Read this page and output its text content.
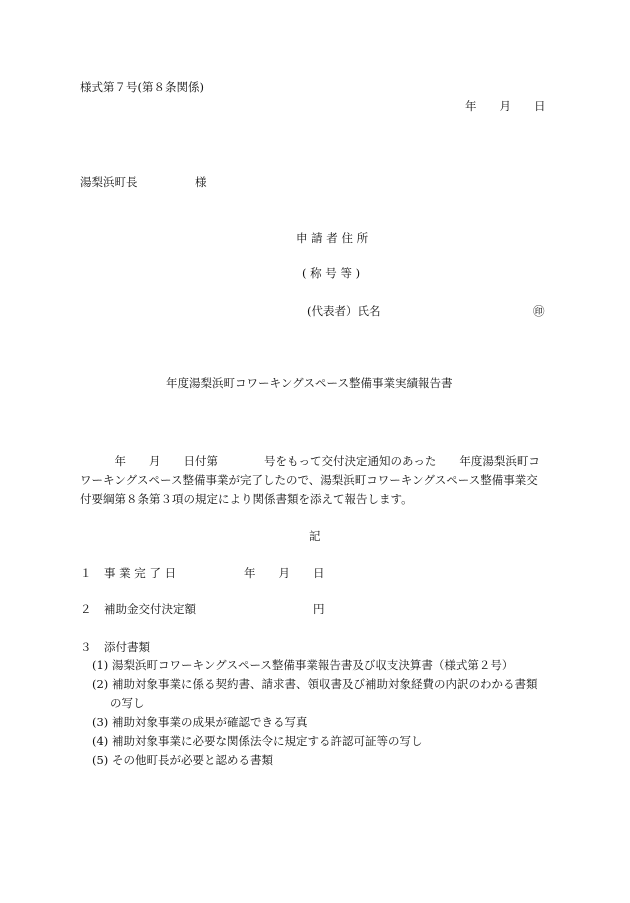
様式第７号(第８条関係)
年　　月　　日
湯梨浜町長　　　　　様
申 請 者 住 所
( 称 号 等 )
(代表者）氏名	㊞
年度湯梨浜町コワーキングスペース整備事業実績報告書
　　　年　　月　　日付第　　　　号をもって交付決定通知のあった　　年度湯梨浜町コ
ワーキングスペース整備事業が完了したので、湯梨浜町コワーキングスペース整備事業交
付要綱第８条第３項の規定により関係書類を添えて報告します。
記
１ 事 業 完 了 日	年　　月　　日
２ 補助金交付決定額	円
３ 添付書類
(1) 湯梨浜町コワーキングスペース整備事業報告書及び収支決算書（様式第２号）
(2) 補助対象事業に係る契約書、請求書、領収書及び補助対象経費の内訳のわかる書類
の写し
(3) 補助対象事業の成果が確認できる写真
(4) 補助対象事業に必要な関係法令に規定する許認可証等の写し
(5) その他町長が必要と認める書類
